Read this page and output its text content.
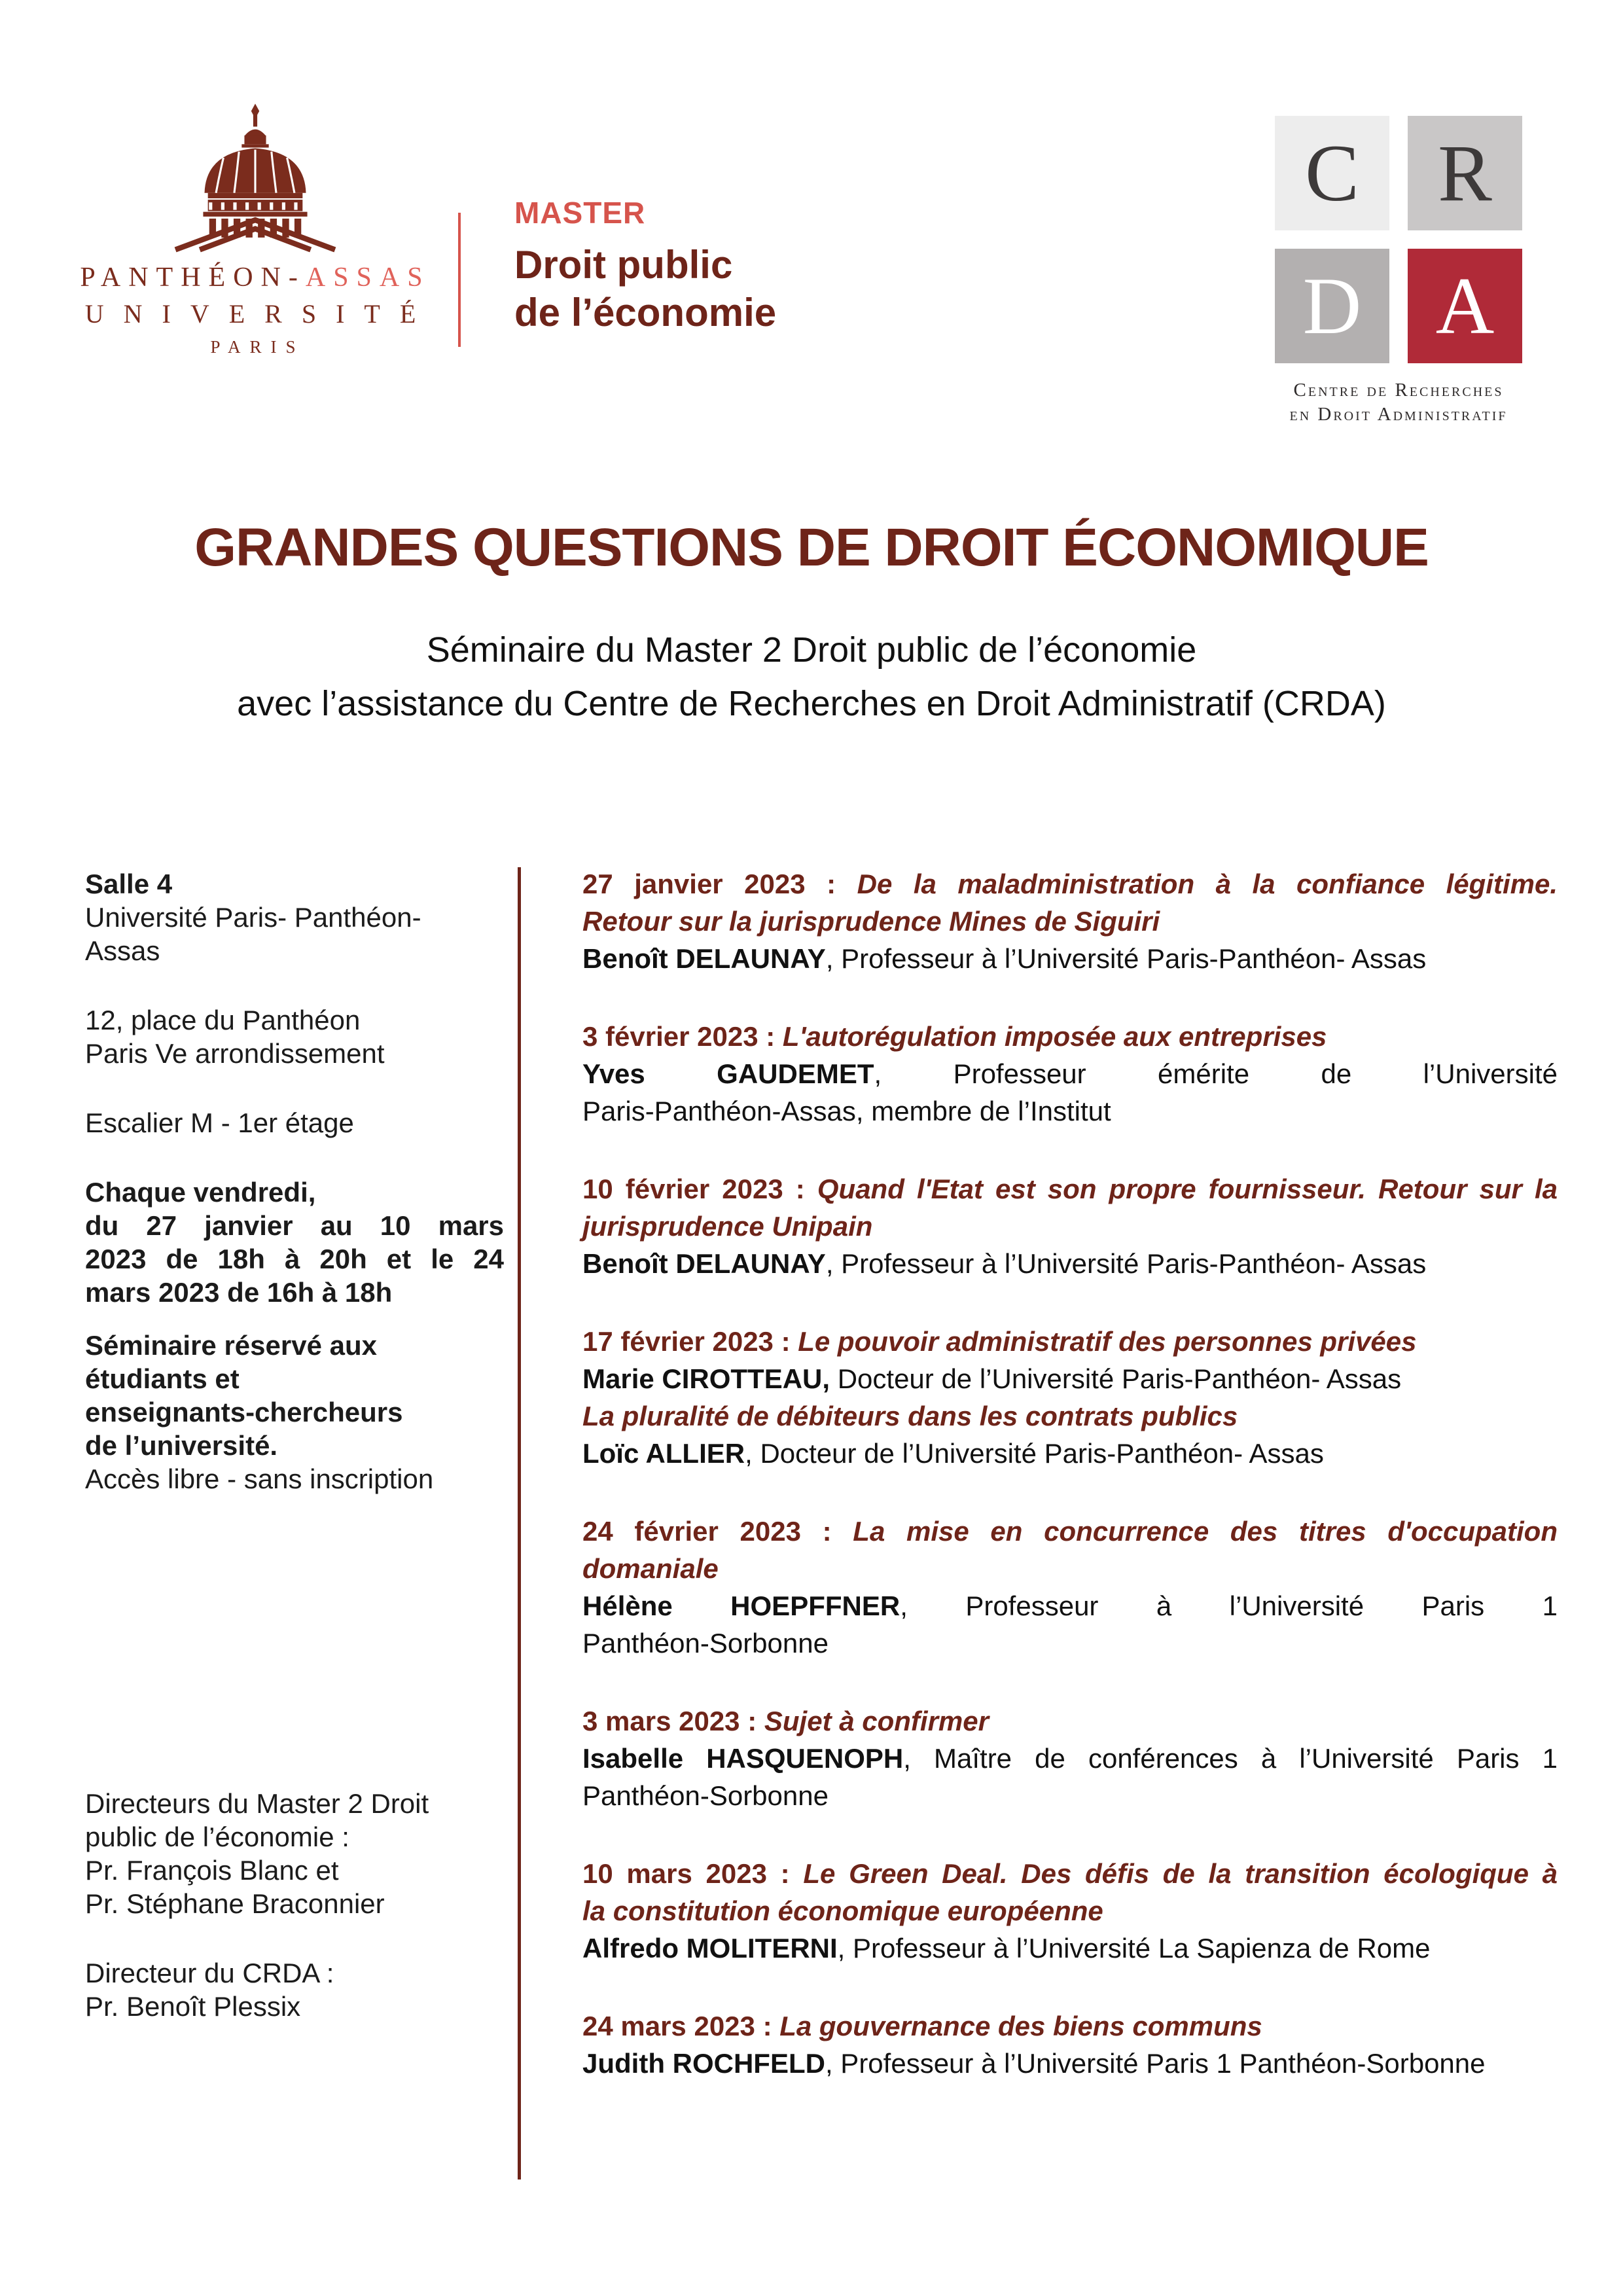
PANTHÉON-ASSAS
UNIVERSITÉ
PARIS
MASTER
Droit public
de l’économie
C R
D A
Centre de Recherches
en Droit Administratif
GRANDES QUESTIONS DE DROIT ÉCONOMIQUE
Séminaire du Master 2 Droit public de l’économie
avec l’assistance du Centre de Recherches en Droit Administratif (CRDA)
Salle 4
Université Paris- Panthéon-
Assas
12, place du Panthéon
Paris Ve arrondissement
Escalier M - 1er étage
Chaque vendredi,
du 27 janvier au 10 mars
2023 de 18h à 20h et le 24
mars 2023 de 16h à 18h
Séminaire réservé aux
étudiants et
enseignants-chercheurs
de l’université.
Accès libre - sans inscription
Directeurs du Master 2 Droit
public de l’économie :
Pr. François Blanc et
Pr. Stéphane Braconnier
Directeur du CRDA :
Pr. Benoît Plessix
27 janvier 2023 : De la maladministration à la confiance légitime.
Retour sur la jurisprudence Mines de Siguiri
Benoît DELAUNAY, Professeur à l’Université Paris-Panthéon- Assas
3 février 2023 : L'autorégulation imposée aux entreprises
Yves GAUDEMET, Professeur émérite de l’Université
Paris-Panthéon-Assas, membre de l’Institut
10 février 2023 : Quand l'Etat est son propre fournisseur. Retour sur la
jurisprudence Unipain
Benoît DELAUNAY, Professeur à l’Université Paris-Panthéon- Assas
17 février 2023 : Le pouvoir administratif des personnes privées
Marie CIROTTEAU, Docteur de l’Université Paris-Panthéon- Assas
La pluralité de débiteurs dans les contrats publics
Loïc ALLIER, Docteur de l’Université Paris-Panthéon- Assas
24 février 2023 : La mise en concurrence des titres d'occupation
domaniale
Hélène HOEPFFNER, Professeur à l’Université Paris 1
Panthéon-Sorbonne
3 mars 2023 : Sujet à confirmer
Isabelle HASQUENOPH, Maître de conférences à l’Université Paris 1
Panthéon-Sorbonne
10 mars 2023 : Le Green Deal. Des défis de la transition écologique à
la constitution économique européenne
Alfredo MOLITERNI, Professeur à l’Université La Sapienza de Rome
24 mars 2023 : La gouvernance des biens communs
Judith ROCHFELD, Professeur à l’Université Paris 1 Panthéon-Sorbonne
